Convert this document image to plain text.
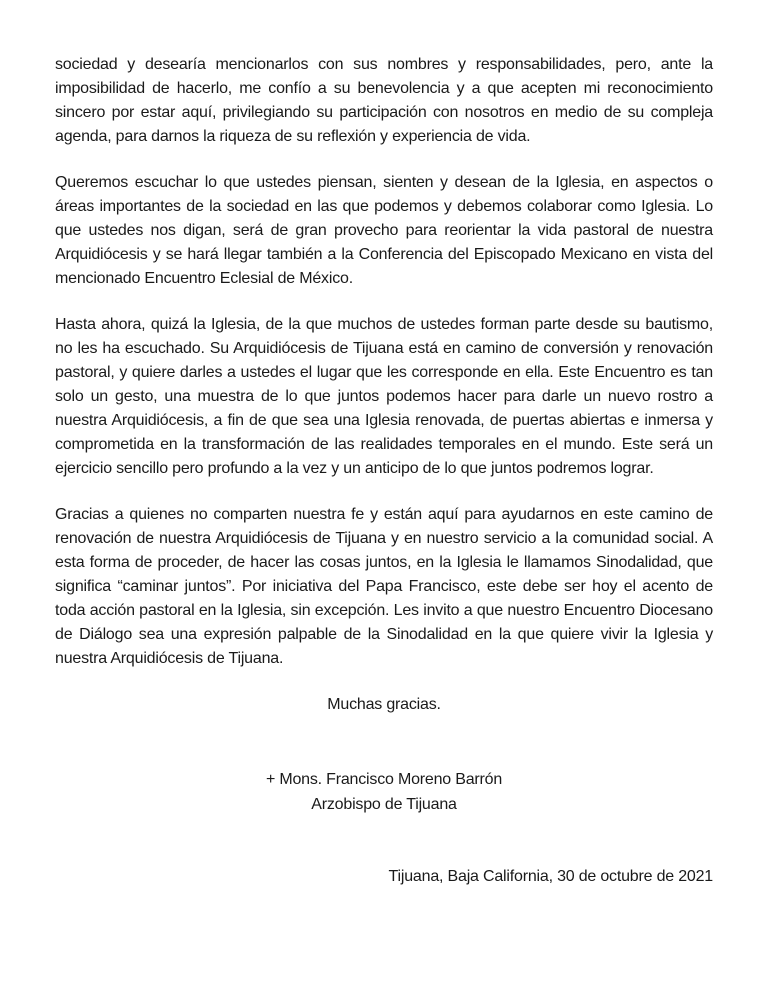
sociedad y desearía mencionarlos con sus nombres y responsabilidades, pero, ante la imposibilidad de hacerlo, me confío a su benevolencia y a que acepten mi reconocimiento sincero por estar aquí, privilegiando su participación con nosotros en medio de su compleja agenda, para darnos la riqueza de su reflexión y experiencia de vida.

Queremos escuchar lo que ustedes piensan, sienten y desean de la Iglesia, en aspectos o áreas importantes de la sociedad en las que podemos y debemos colaborar como Iglesia. Lo que ustedes nos digan, será de gran provecho para reorientar la vida pastoral de nuestra Arquidiócesis y se hará llegar también a la Conferencia del Episcopado Mexicano en vista del mencionado Encuentro Eclesial de México.

Hasta ahora, quizá la Iglesia, de la que muchos de ustedes forman parte desde su bautismo, no les ha escuchado. Su Arquidiócesis de Tijuana está en camino de conversión y renovación pastoral, y quiere darles a ustedes el lugar que les corresponde en ella. Este Encuentro es tan solo un gesto, una muestra de lo que juntos podemos hacer para darle un nuevo rostro a nuestra Arquidiócesis, a fin de que sea una Iglesia renovada, de puertas abiertas e inmersa y comprometida en la transformación de las realidades temporales en el mundo. Este será un ejercicio sencillo pero profundo a la vez y un anticipo de lo que juntos podremos lograr.

Gracias a quienes no comparten nuestra fe y están aquí para ayudarnos en este camino de renovación de nuestra Arquidiócesis de Tijuana y en nuestro servicio a la comunidad social. A esta forma de proceder, de hacer las cosas juntos, en la Iglesia le llamamos Sinodalidad, que significa “caminar juntos”. Por iniciativa del Papa Francisco, este debe ser hoy el acento de toda acción pastoral en la Iglesia, sin excepción. Les invito a que nuestro Encuentro Diocesano de Diálogo sea una expresión palpable de la Sinodalidad en la que quiere vivir la Iglesia y nuestra Arquidiócesis de Tijuana.

Muchas gracias.

+ Mons. Francisco Moreno Barrón

Arzobispo de Tijuana

Tijuana, Baja California, 30 de octubre de 2021
